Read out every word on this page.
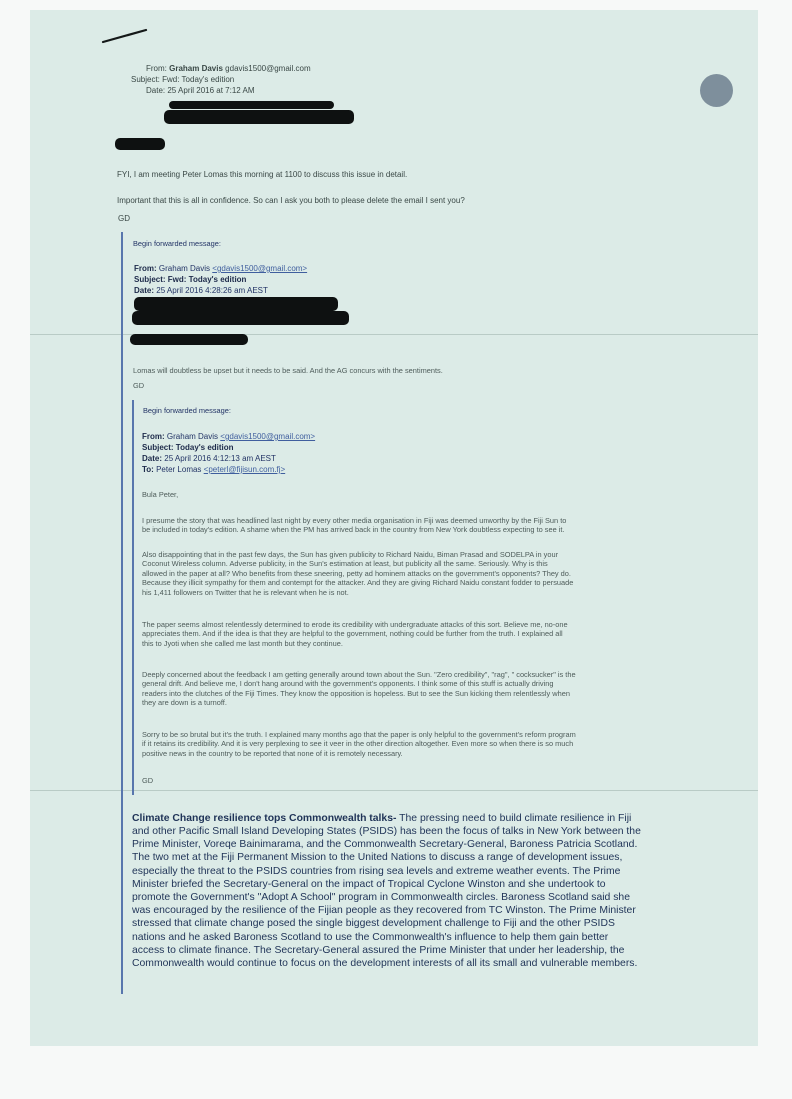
From: Graham Davis gdavis1500@gmail.com
Subject: Fwd: Today's edition
Date: 25 April 2016 at 7:12 AM
FYI, I am meeting Peter Lomas this morning at 1100 to discuss this issue in detail.
Important that this is all in confidence. So can I ask you both to please delete the email I sent you?
GD
Begin forwarded message:
From: Graham Davis <gdavis1500@gmail.com>
Subject: Fwd: Today's edition
Date: 25 April 2016 4:28:26 am AEST
Lomas will doubtless be upset but it needs to be said. And the AG concurs with the sentiments.
GD
Begin forwarded message:
From: Graham Davis <gdavis1500@gmail.com>
Subject: Today's edition
Date: 25 April 2016 4:12:13 am AEST
To: Peter Lomas <peterl@fijisun.com.fj>
Bula Peter,
I presume the story that was headlined last night by every other media organisation in Fiji was deemed unworthy by the Fiji Sun to
be included in today's edition. A shame when the PM has arrived back in the country from New York doubtless expecting to see it.
Also disappointing that in the past few days, the Sun has given publicity to Richard Naidu, Biman Prasad and SODELPA in your
Coconut Wireless column. Adverse publicity, in the Sun's estimation at least, but publicity all the same. Seriously. Why is this
allowed in the paper at all? Who benefits from these sneering, petty ad hominem attacks on the government's opponents? They do.
Because they illicit sympathy for them and contempt for the attacker. And they are giving Richard Naidu constant fodder to persuade
his 1,411 followers on Twitter that he is relevant when he is not.
The paper seems almost relentlessly determined to erode its credibility with undergraduate attacks of this sort. Believe me, no-one
appreciates them. And if the idea is that they are helpful to the government, nothing could be further from the truth. I explained all
this to Jyoti when she called me last month but they continue.
Deeply concerned about the feedback I am getting generally around town about the Sun. "Zero credibility", "rag", " cocksucker" is the
general drift. And believe me, I don't hang around with the government's opponents. I think some of this stuff is actually driving
readers into the clutches of the Fiji Times. They know the opposition is hopeless. But to see the Sun kicking them relentlessly when
they are down is a turnoff.
Sorry to be so brutal but it's the truth. I explained many months ago that the paper is only helpful to the government's reform program
if it retains its credibility. And it is very perplexing to see it veer in the other direction altogether. Even more so when there is so much
positive news in the country to be reported that none of it is remotely necessary.
GD
Climate Change resilience tops Commonwealth talks- The pressing need to build climate resilience in Fiji
and other Pacific Small Island Developing States (PSIDS) has been the focus of talks in New York between the
Prime Minister, Voreqe Bainimarama, and the Commonwealth Secretary-General, Baroness Patricia Scotland.
The two met at the Fiji Permanent Mission to the United Nations to discuss a range of development issues,
especially the threat to the PSIDS countries from rising sea levels and extreme weather events. The Prime
Minister briefed the Secretary-General on the impact of Tropical Cyclone Winston and she undertook to
promote the Government's "Adopt A School" program in Commonwealth circles. Baroness Scotland said she
was encouraged by the resilience of the Fijian people as they recovered from TC Winston. The Prime Minister
stressed that climate change posed the single biggest development challenge to Fiji and the other PSIDS
nations and he asked Baroness Scotland to use the Commonwealth's influence to help them gain better
access to climate finance. The Secretary-General assured the Prime Minister that under her leadership, the
Commonwealth would continue to focus on the development interests of all its small and vulnerable members.
